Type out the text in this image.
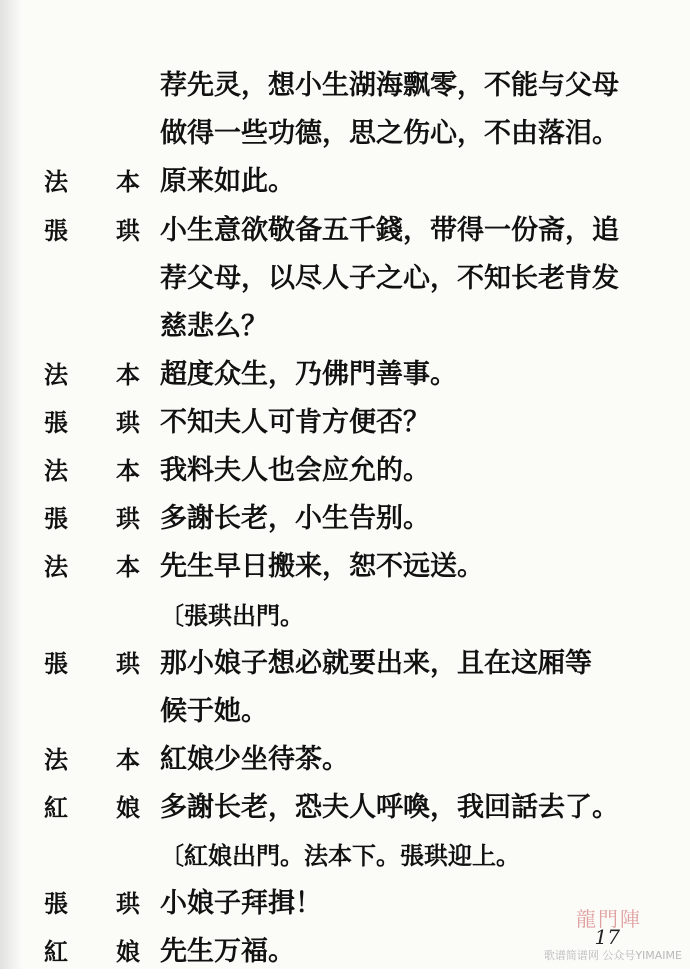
荐先灵，想小生湖海飘零，不能与父母
做得一些功德，思之伤心，不由落泪。
法 本 原来如此。
張 珙 小生意欲敬备五千錢，带得一份斋，追
荐父母，以尽人子之心，不知长老肯发
慈悲么？
法 本 超度众生，乃佛門善事。
張 珙 不知夫人可肯方便否？
法 本 我料夫人也会应允的。
張 珙 多謝长老，小生告别。
法 本 先生早日搬来，恕不远送。
〔張珙出門。
張 珙 那小娘子想必就要出来，且在这厢等
候于她。
法 本 紅娘少坐待茶。
紅 娘 多謝长老，恐夫人呼喚，我回話去了。
〔紅娘出門。法本下。張珙迎上。
張 珙 小娘子拜揖！
紅 娘 先生万福。
龍門陣
17
歌谱简谱网 公众号YIMAIME
